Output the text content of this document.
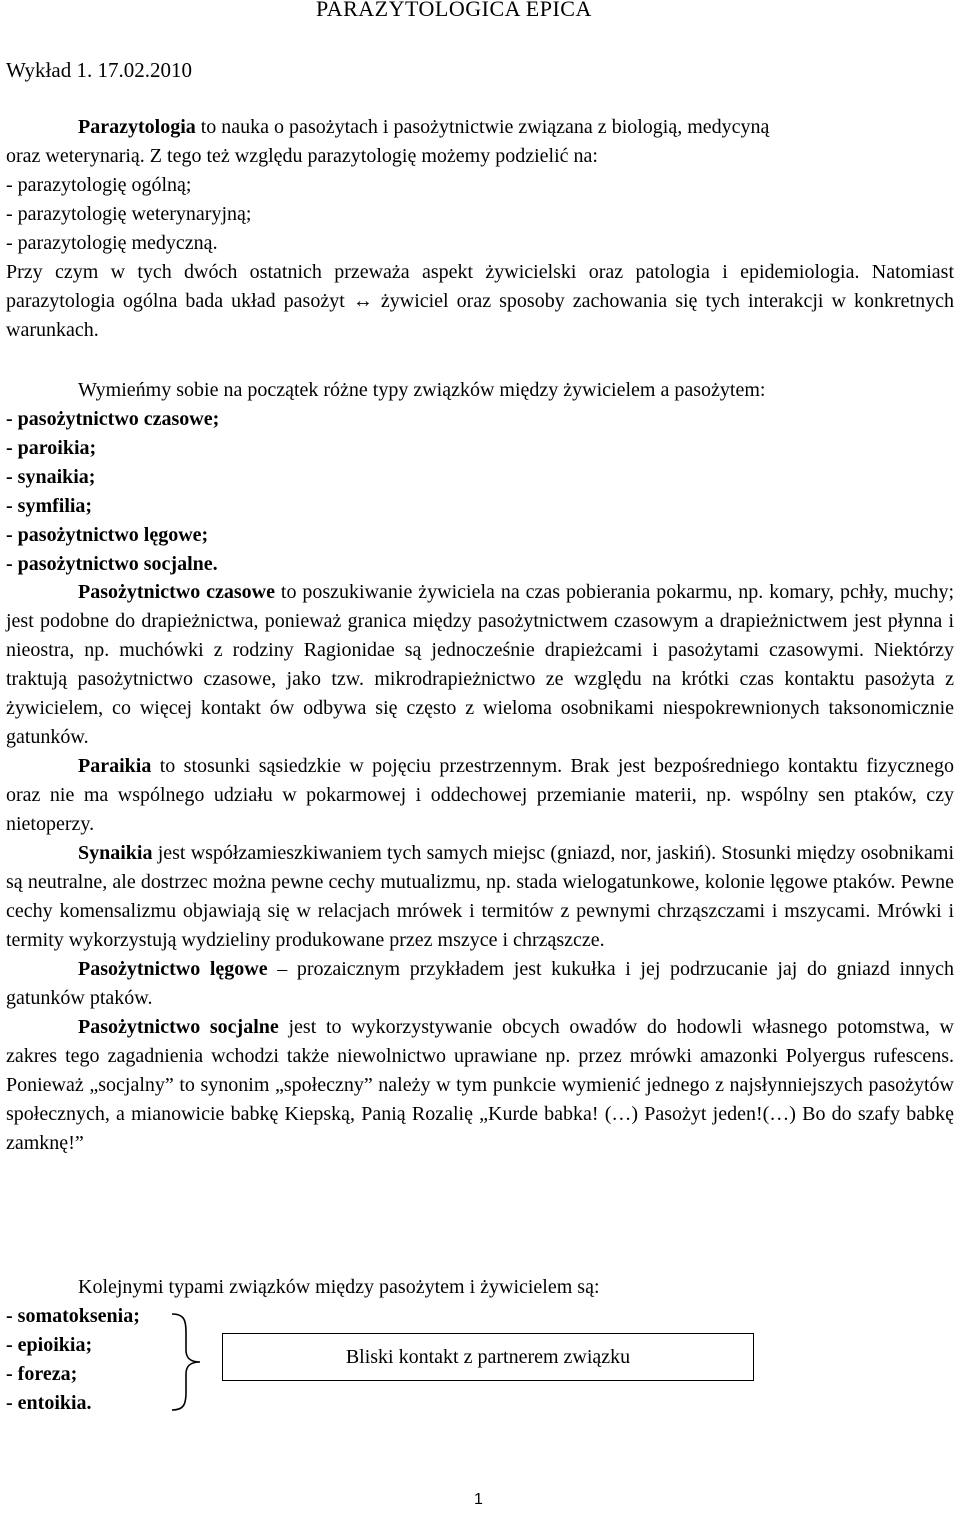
PARAZYTOLOGICA EPICA
Wykład 1. 17.02.2010

Parazytologia to nauka o pasożytach i pasożytnictwie związana z biologią, medycyną

oraz weterynarią. Z tego też względu parazytologię możemy podzielić na:
- parazytologię ogólną;
- parazytologię weterynaryjną;
- parazytologię medyczną.

Przy czym w tych dwóch ostatnich przeważa aspekt żywicielski oraz patologia i epidemiologia. Natomiast parazytologia ogólna bada układ pasożyt ↔ żywiciel oraz sposoby zachowania się tych interakcji w konkretnych warunkach.

Wymieńmy sobie na początek różne typy związków między żywicielem a pasożytem:

- pasożytnictwo czasowe;
- paroikia;
- synaikia;
- symfilia;
- pasożytnictwo lęgowe;
- pasożytnictwo socjalne.

Pasożytnictwo czasowe to poszukiwanie żywiciela na czas pobierania pokarmu, np. komary, pchły, muchy; jest podobne do drapieżnictwa, ponieważ granica między pasożytnictwem czasowym a drapieżnictwem jest płynna i nieostra, np. muchówki z rodziny Ragionidae są jednocześnie drapieżcami i pasożytami czasowymi. Niektórzy traktują pasożytnictwo czasowe, jako tzw. mikrodrapieżnictwo ze względu na krótki czas kontaktu pasożyta z żywicielem, co więcej kontakt ów odbywa się często z wieloma osobnikami niespokrewnionych taksonomicznie gatunków.

Paraikia to stosunki sąsiedzkie w pojęciu przestrzennym. Brak jest bezpośredniego kontaktu fizycznego oraz nie ma wspólnego udziału w pokarmowej i oddechowej przemianie materii, np. wspólny sen ptaków, czy nietoperzy.

Synaikia jest współzamieszkiwaniem tych samych miejsc (gniazd, nor, jaskiń). Stosunki między osobnikami są neutralne, ale dostrzec można pewne cechy mutualizmu, np. stada wielogatunkowe, kolonie lęgowe ptaków. Pewne cechy komensalizmu objawiają się w relacjach mrówek i termitów z pewnymi chrząszczami i mszycami. Mrówki i termity wykorzystują wydzieliny produkowane przez mszyce i chrząszcze.

Pasożytnictwo lęgowe – prozaicznym przykładem jest kukułka i jej podrzucanie jaj do gniazd innych gatunków ptaków.

Pasożytnictwo socjalne jest to wykorzystywanie obcych owadów do hodowli własnego potomstwa, w zakres tego zagadnienia wchodzi także niewolnictwo uprawiane np. przez mrówki amazonki Polyergus rufescens. Ponieważ „socjalny” to synonim „społeczny” należy w tym punkcie wymienić jednego z najsłynniejszych pasożytów społecznych, a mianowicie babkę Kiepską, Panią Rozalię „Kurde babka! (…) Pasożyt jeden!(…) Bo do szafy babkę zamknę!”

Kolejnymi typami związków między pasożytem i żywicielem są:

- somatoksenia;
- epioikia;
- foreza;
- entoikia.
Bliski kontakt z partnerem związku
1
